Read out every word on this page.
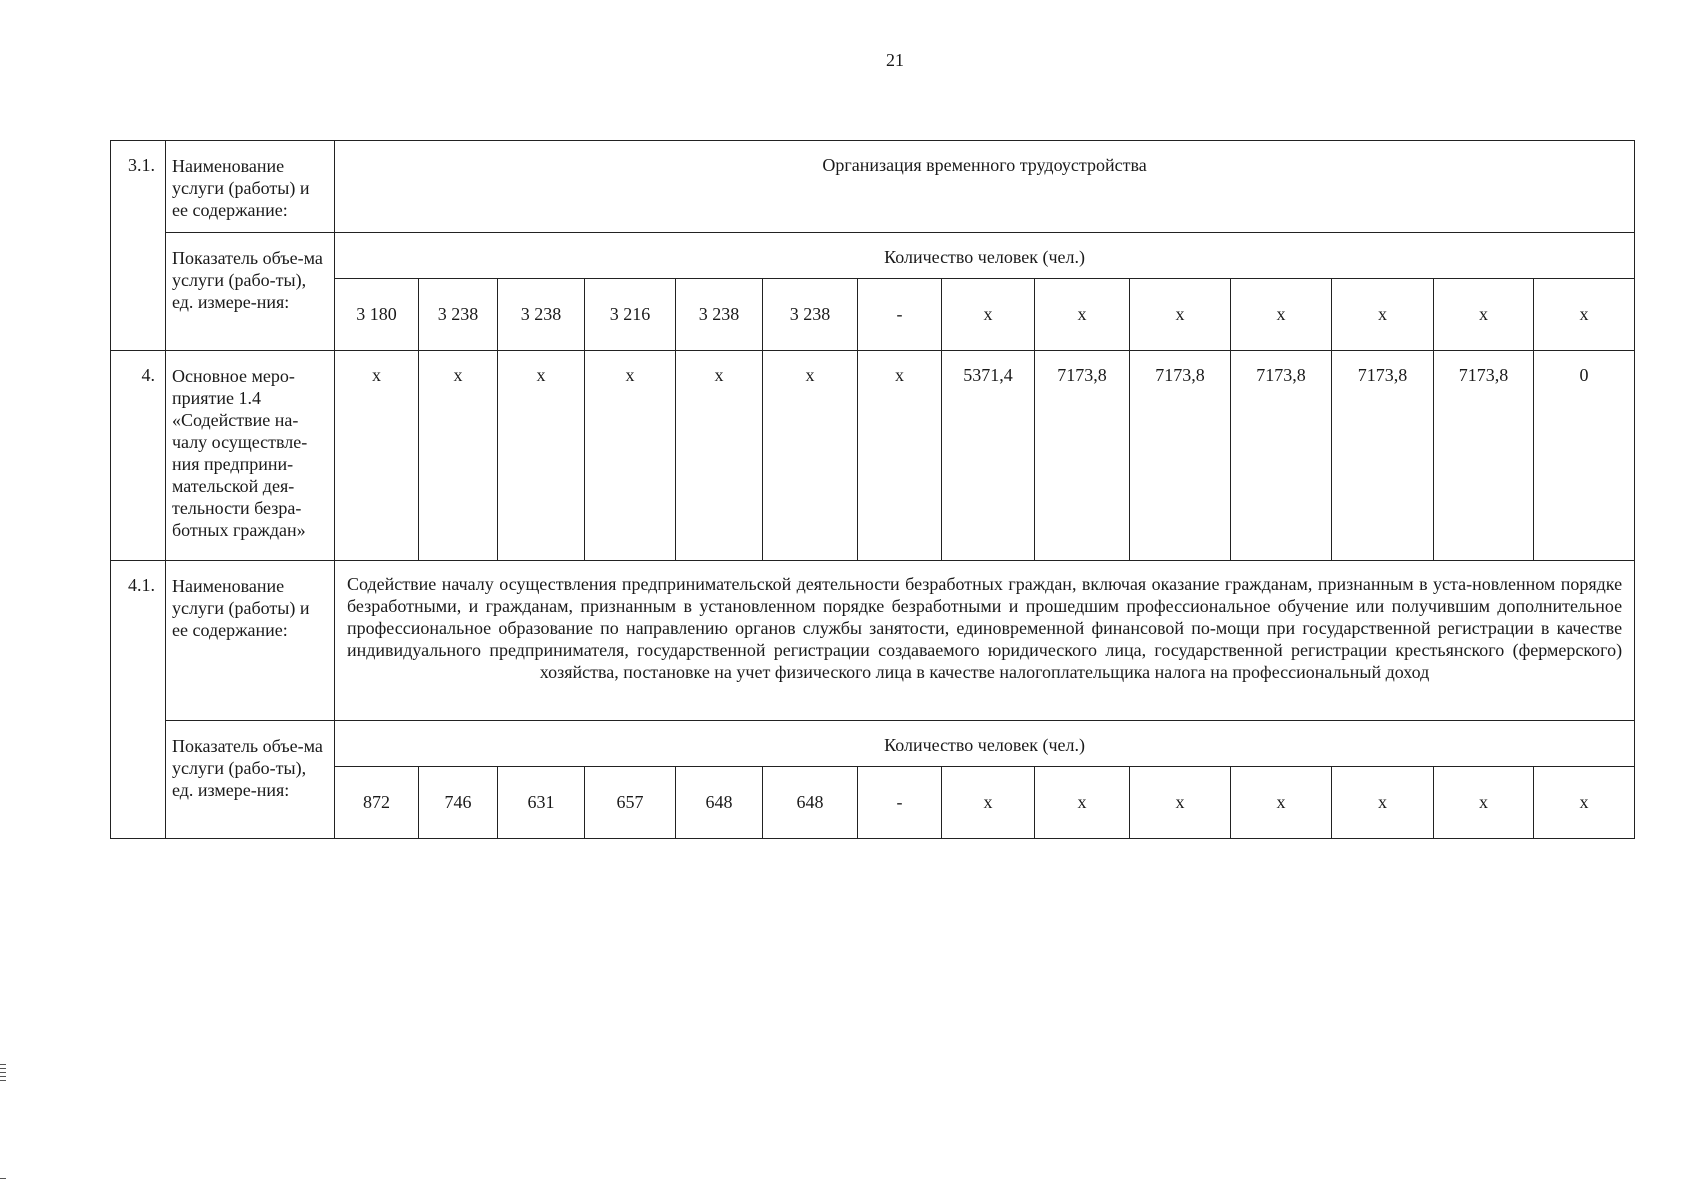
21
3.1.	Наименование услуги (работы) и ее содержание:	Организация временного трудоустройства													
	Показатель объе-ма услуги (рабо-ты), ед. измере-ния:	Количество человек (чел.)													
		3 180	3 238	3 238	3 216	3 238	3 238	-	x	x	x	x	x	x	x
4.	Основное меро-приятие 1.4 «Содействие на-чалу осуществле-ния предприни-мательской дея-тельности безра-ботных граждан»	x	x	x	x	x	x	x	5371,4	7173,8	7173,8	7173,8	7173,8	7173,8	0
4.1.	Наименование услуги (работы) и ее содержание:	Содействие началу осуществления предпринимательской деятельности безработных граждан, включая оказание гражданам, признанным в уста-новленном порядке безработными, и гражданам, признанным в установленном порядке безработными и прошедшим профессиональное обучение или получившим дополнительное профессиональное образование по направлению органов службы занятости, единовременной финансовой по-мощи при государственной регистрации в качестве индивидуального предпринимателя, государственной регистрации создаваемого юридического лица, государственной регистрации крестьянского (фермерского) хозяйства, постановке на учет физического лица в качестве налогоплательщика налога на профессиональный доход													

	Показатель объе-ма услуги (рабо-ты), ед. измере-ния:	Количество человек (чел.)													
		872	746	631	657	648	648	-	x	x	x	x	x	x	x
